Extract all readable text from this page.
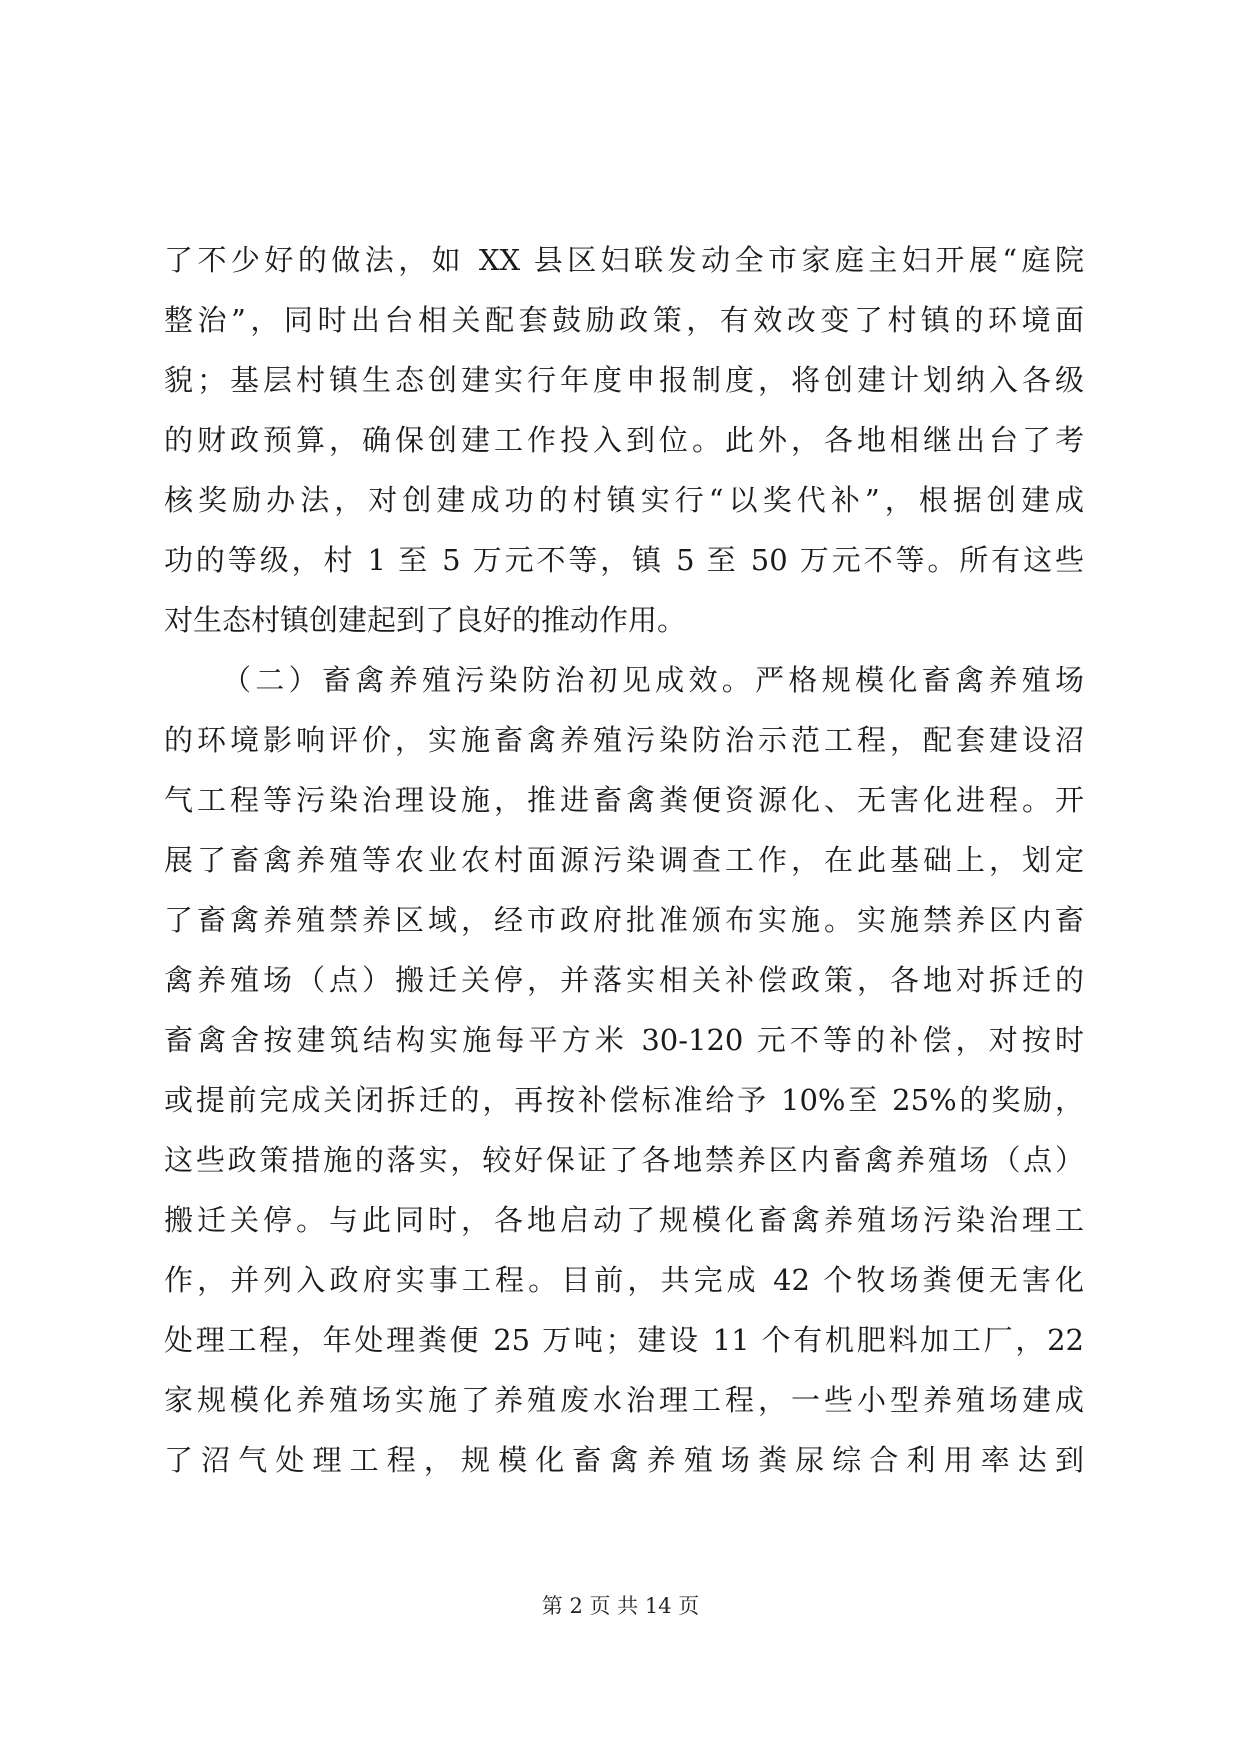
了不少好的做法，如 XX 县区妇联发动全市家庭主妇开展“庭院
整治”，同时出台相关配套鼓励政策，有效改变了村镇的环境面
貌；基层村镇生态创建实行年度申报制度，将创建计划纳入各级
的财政预算，确保创建工作投入到位。此外，各地相继出台了考
核奖励办法，对创建成功的村镇实行“以奖代补”，根据创建成
功的等级，村 1 至 5 万元不等，镇 5 至 50 万元不等。所有这些
对生态村镇创建起到了良好的推动作用。
（二）畜禽养殖污染防治初见成效。严格规模化畜禽养殖场
的环境影响评价，实施畜禽养殖污染防治示范工程，配套建设沼
气工程等污染治理设施，推进畜禽粪便资源化、无害化进程。开
展了畜禽养殖等农业农村面源污染调查工作，在此基础上，划定
了畜禽养殖禁养区域，经市政府批准颁布实施。实施禁养区内畜
禽养殖场（点）搬迁关停，并落实相关补偿政策，各地对拆迁的
畜禽舍按建筑结构实施每平方米 30-120 元不等的补偿，对按时
或提前完成关闭拆迁的，再按补偿标准给予 10%至 25%的奖励，
这些政策措施的落实，较好保证了各地禁养区内畜禽养殖场（点）
搬迁关停。与此同时，各地启动了规模化畜禽养殖场污染治理工
作，并列入政府实事工程。目前，共完成 42 个牧场粪便无害化
处理工程，年处理粪便 25 万吨；建设 11 个有机肥料加工厂，22
家规模化养殖场实施了养殖废水治理工程，一些小型养殖场建成
了沼气处理工程，规模化畜禽养殖场粪尿综合利用率达到
第 2 页 共 14 页
